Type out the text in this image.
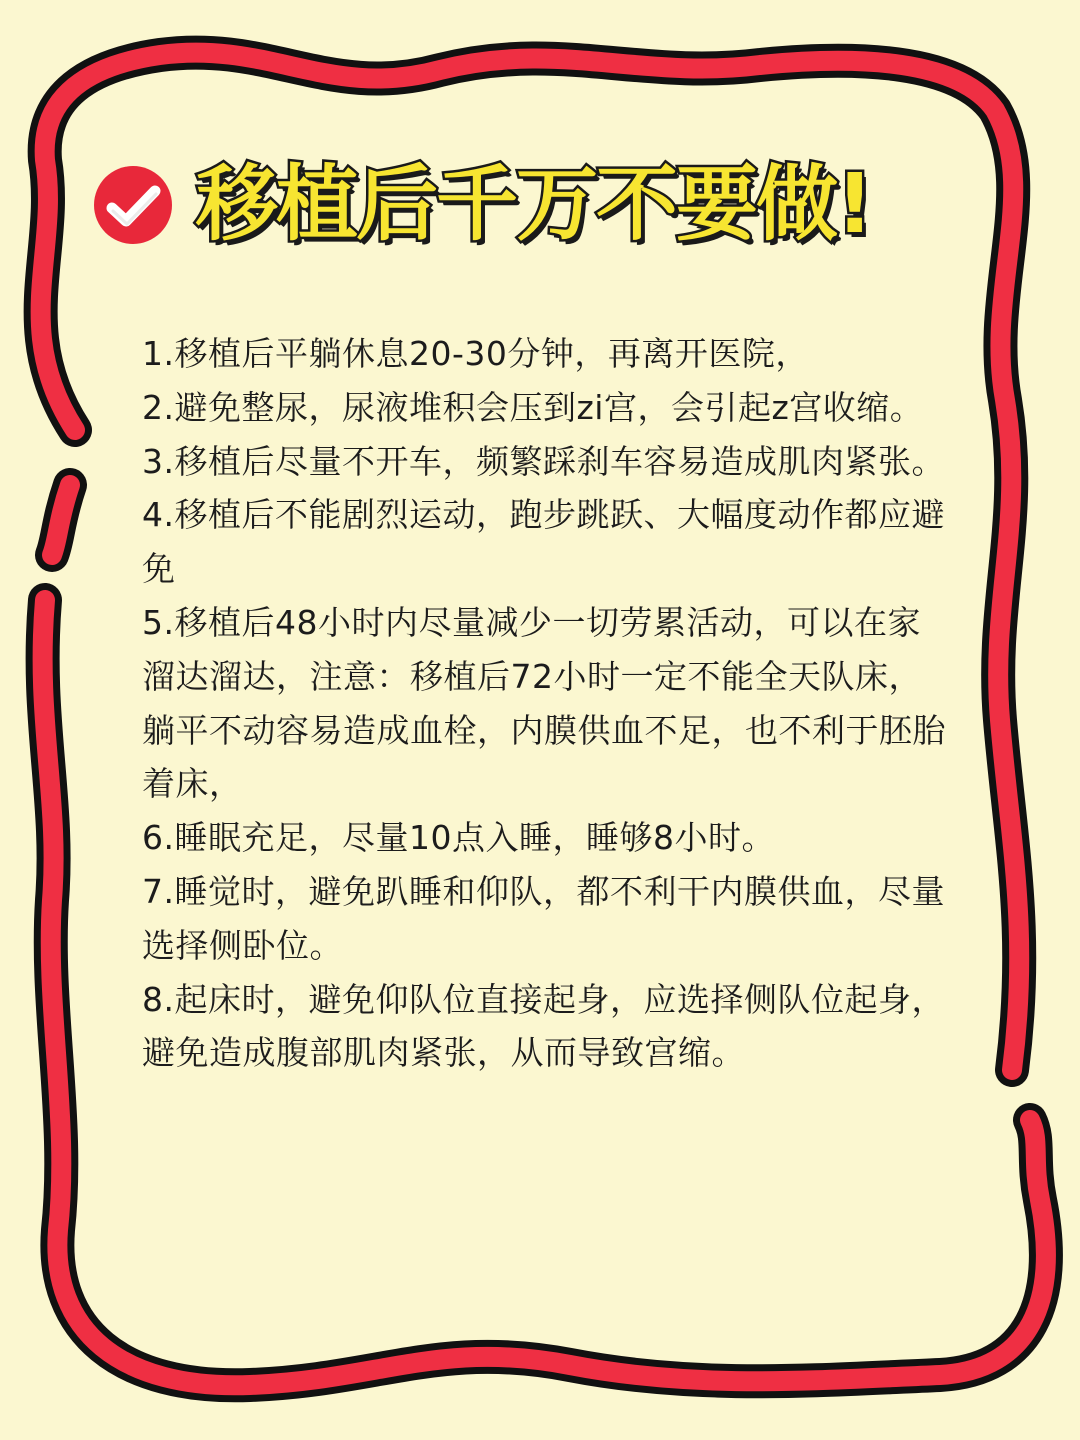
移植后千万不要做!
1.移植后平躺休息20-30分钟，再离开医院，
2.避免整尿，尿液堆积会压到zi宫，会引起z宫收缩。
3.移植后尽量不开车，频繁踩刹车容易造成肌肉紧张。
4.移植后不能剧烈运动，跑步跳跃、大幅度动作都应避免
5.移植后48小时内尽量减少一切劳累活动，可以在家溜达溜达，注意：移植后72小时一定不能全天队床，躺平不动容易造成血栓，内膜供血不足，也不利于胚胎着床，
6.睡眠充足，尽量10点入睡，睡够8小时。
7.睡觉时，避免趴睡和仰队，都不利干内膜供血，尽量选择侧卧位。
8.起床时，避免仰队位直接起身，应选择侧队位起身，避免造成腹部肌肉紧张，从而导致宫缩。
